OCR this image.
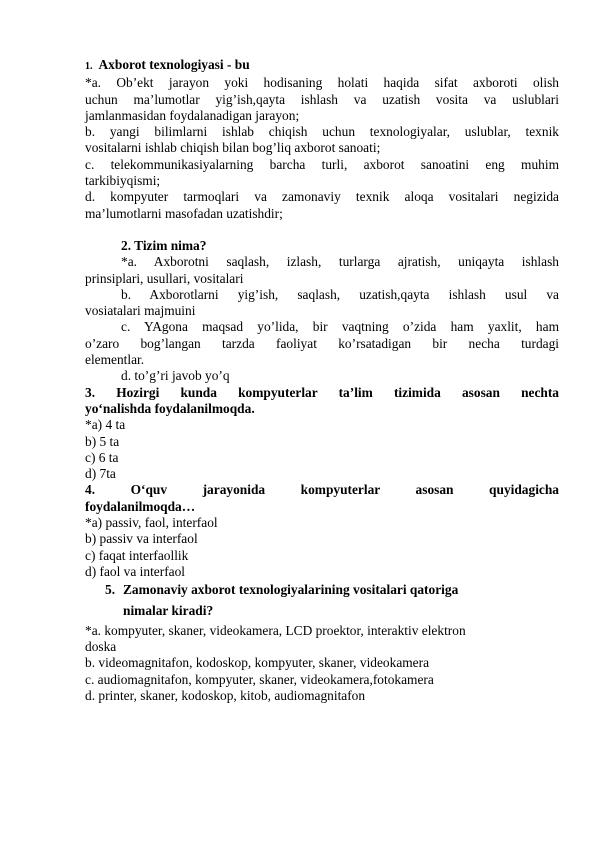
1. Axborot texnologiyasi - bu
*a. Ob’ekt jarayon yoki hodisaning holati haqida sifat axboroti olish
uchun ma’lumotlar yig’ish,qayta ishlash va uzatish vosita va uslublari
jamlanmasidan foydalanadigan jarayon;
b. yangi bilimlarni ishlab chiqish uchun texnologiyalar, uslublar, texnik
vositalarni ishlab chiqish bilan bog’liq axborot sanoati;
c. telekommunikasiyalarning barcha turli, axborot sanoatini eng muhim
tarkibiyqismi;
d. kompyuter tarmoqlari va zamonaviy texnik aloqa vositalari negizida
ma’lumotlarni masofadan uzatishdir;
2. Tizim nima?
*a. Axborotni saqlash, izlash, turlarga ajratish, uniqayta ishlash
prinsiplari, usullari, vositalari
b. Axborotlarni yig’ish, saqlash, uzatish,qayta ishlash usul va
vosiatalari majmuini
c. YAgona maqsad yo’lida, bir vaqtning o’zida ham yaxlit, ham
o’zaro bog’langan tarzda faoliyat ko’rsatadigan bir necha turdagi
elementlar.
d. to’g’ri javob yo’q
3. Hozirgi kunda kompyuterlar ta’lim tizimida asosan nechta
yo‘nalishda foydalanilmoqda.
*a) 4 ta
b) 5 ta
c) 6 ta
d) 7ta
4. O‘quv jarayonida kompyuterlar asosan quyidagicha
foydalanilmoqda…
*a) passiv, faol, interfaol
b) passiv va interfaol
c) faqat interfaollik
d) faol va interfaol
5. Zamonaviy axborot texnologiyalarining vositalari qatoriga
nimalar kiradi?
*a. kompyuter, skaner, videokamera, LCD proektor, interaktiv elektron
doska
b. videomagnitafon, kodoskop, kompyuter, skaner, videokamera
c. audiomagnitafon, kompyuter, skaner, videokamera,fotokamera
d. printer, skaner, kodoskop, kitob, audiomagnitafon
